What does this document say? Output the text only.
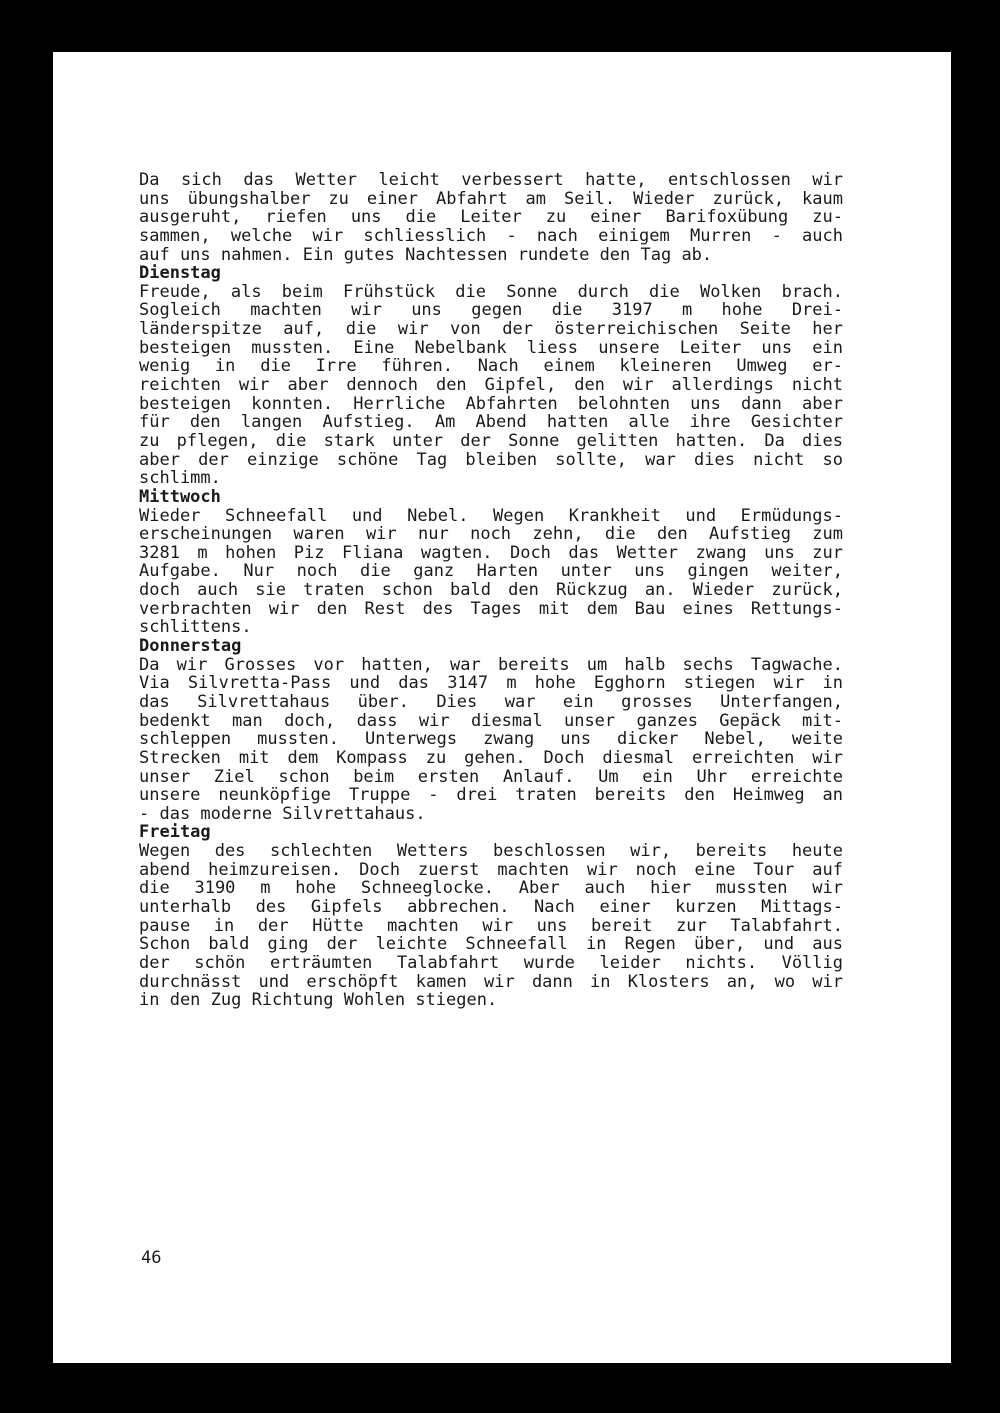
Da sich das Wetter leicht verbessert hatte, entschlossen wir
uns übungshalber zu einer Abfahrt am Seil. Wieder zurück, kaum
ausgeruht, riefen uns die Leiter zu einer Barifoxübung zu-
sammen, welche wir schliesslich - nach einigem Murren - auch
auf uns nahmen. Ein gutes Nachtessen rundete den Tag ab.
Dienstag
Freude, als beim Frühstück die Sonne durch die Wolken brach.
Sogleich machten wir uns gegen die 3197 m hohe Drei-
länderspitze auf, die wir von der österreichischen Seite her
besteigen mussten. Eine Nebelbank liess unsere Leiter uns ein
wenig in die Irre führen. Nach einem kleineren Umweg er-
reichten wir aber dennoch den Gipfel, den wir allerdings nicht
besteigen konnten. Herrliche Abfahrten belohnten uns dann aber
für den langen Aufstieg. Am Abend hatten alle ihre Gesichter
zu pflegen, die stark unter der Sonne gelitten hatten. Da dies
aber der einzige schöne Tag bleiben sollte, war dies nicht so
schlimm.
Mittwoch
Wieder Schneefall und Nebel. Wegen Krankheit und Ermüdungs-
erscheinungen waren wir nur noch zehn, die den Aufstieg zum
3281 m hohen Piz Fliana wagten. Doch das Wetter zwang uns zur
Aufgabe. Nur noch die ganz Harten unter uns gingen weiter,
doch auch sie traten schon bald den Rückzug an. Wieder zurück,
verbrachten wir den Rest des Tages mit dem Bau eines Rettungs-
schlittens.
Donnerstag
Da wir Grosses vor hatten, war bereits um halb sechs Tagwache.
Via Silvretta-Pass und das 3147 m hohe Egghorn stiegen wir in
das Silvrettahaus über. Dies war ein grosses Unterfangen,
bedenkt man doch, dass wir diesmal unser ganzes Gepäck mit-
schleppen mussten. Unterwegs zwang uns dicker Nebel, weite
Strecken mit dem Kompass zu gehen. Doch diesmal erreichten wir
unser Ziel schon beim ersten Anlauf. Um ein Uhr erreichte
unsere neunköpfige Truppe - drei traten bereits den Heimweg an
- das moderne Silvrettahaus.
Freitag
Wegen des schlechten Wetters beschlossen wir, bereits heute
abend heimzureisen. Doch zuerst machten wir noch eine Tour auf
die 3190 m hohe Schneeglocke. Aber auch hier mussten wir
unterhalb des Gipfels abbrechen. Nach einer kurzen Mittags-
pause in der Hütte machten wir uns bereit zur Talabfahrt.
Schon bald ging der leichte Schneefall in Regen über, und aus
der schön erträumten Talabfahrt wurde leider nichts. Völlig
durchnässt und erschöpft kamen wir dann in Klosters an, wo wir
in den Zug Richtung Wohlen stiegen.
46
